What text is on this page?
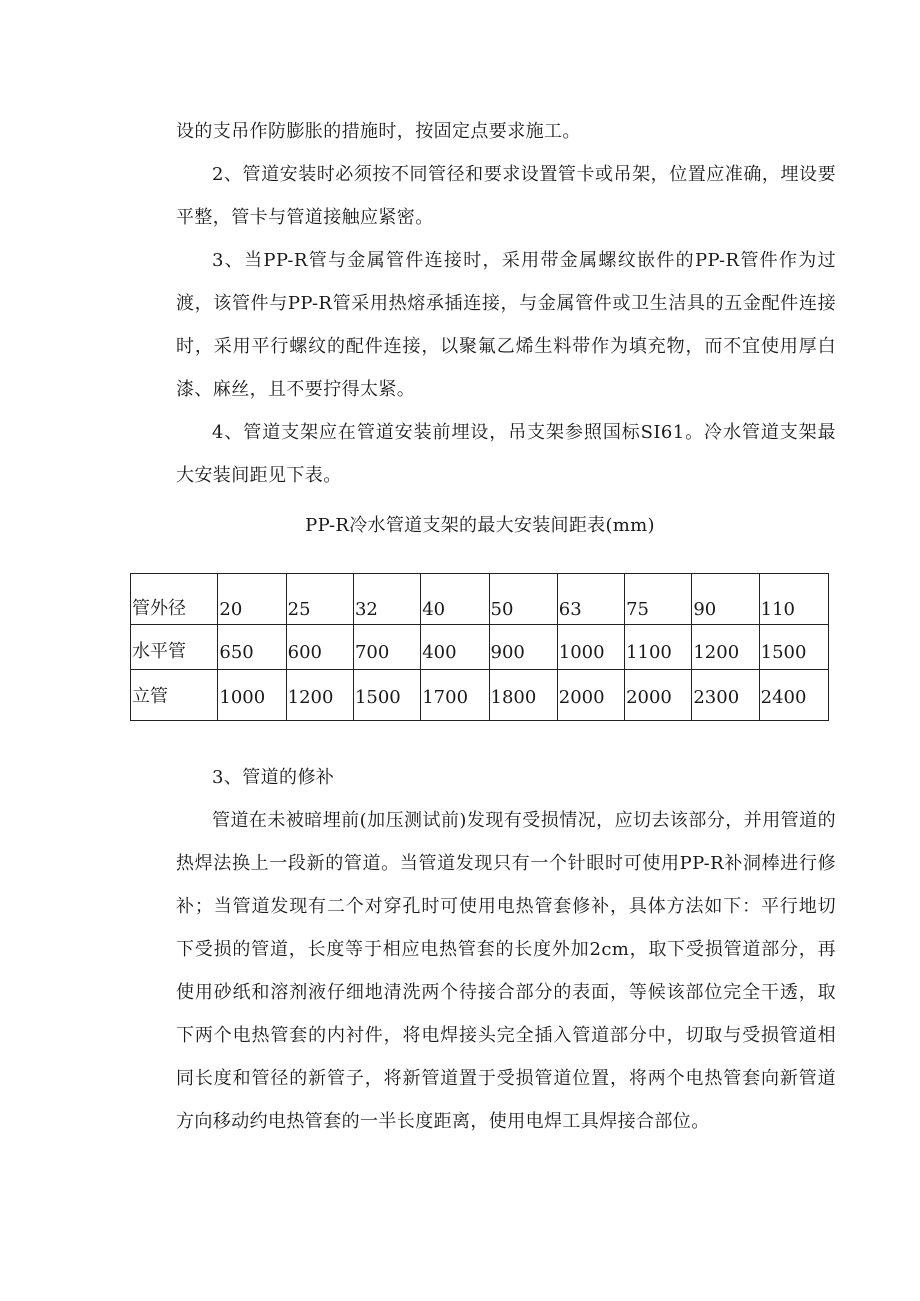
设的支吊作防膨胀的措施时，按固定点要求施工。

2、管道安装时必须按不同管径和要求设置管卡或吊架，位置应准确，埋设要平整，管卡与管道接触应紧密。

3、当PP-R管与金属管件连接时，采用带金属螺纹嵌件的PP-R管件作为过渡，该管件与PP-R管采用热熔承插连接，与金属管件或卫生洁具的五金配件连接时，采用平行螺纹的配件连接，以聚氟乙烯生料带作为填充物，而不宜使用厚白漆、麻丝，且不要拧得太紧。

4、管道支架应在管道安装前埋设，吊支架参照国标SI61。冷水管道支架最大安装间距见下表。

PP-R冷水管道支架的最大安装间距表(mm)

管外径	20	25	32	40	50	63	75	90	110
水平管	650	600	700	400	900	1000	1100	1200	1500
立管	1000	1200	1500	1700	1800	2000	2000	2300	2400

3、管道的修补

管道在未被暗埋前(加压测试前)发现有受损情况，应切去该部分，并用管道的热焊法换上一段新的管道。当管道发现只有一个针眼时可使用PP-R补洞棒进行修补；当管道发现有二个对穿孔时可使用电热管套修补，具体方法如下：平行地切下受损的管道，长度等于相应电热管套的长度外加2cm，取下受损管道部分，再使用砂纸和溶剂液仔细地清洗两个待接合部分的表面，等候该部位完全干透，取下两个电热管套的内衬件，将电焊接头完全插入管道部分中，切取与受损管道相同长度和管径的新管子，将新管道置于受损管道位置，将两个电热管套向新管道方向移动约电热管套的一半长度距离，使用电焊工具焊接合部位。
